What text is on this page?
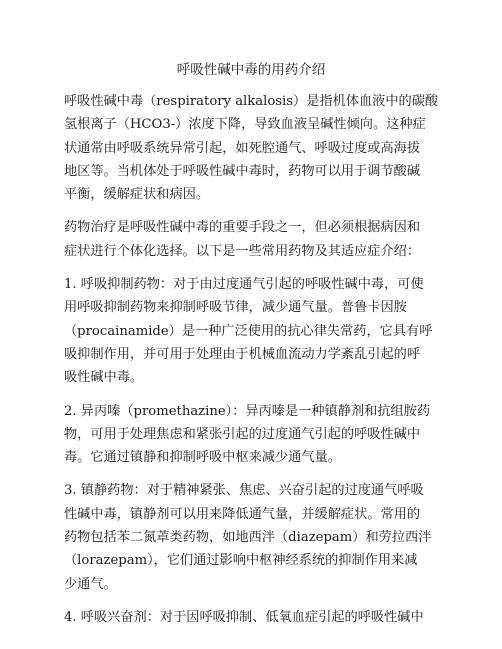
呼吸性碱中毒的用药介绍
呼吸性碱中毒（respiratory alkalosis）是指机体血液中的碳酸
氢根离子（HCO3-）浓度下降，导致血液呈碱性倾向。这种症
状通常由呼吸系统异常引起，如死腔通气、呼吸过度或高海拔
地区等。当机体处于呼吸性碱中毒时，药物可以用于调节酸碱
平衡，缓解症状和病因。
药物治疗是呼吸性碱中毒的重要手段之一，但必须根据病因和
症状进行个体化选择。以下是一些常用药物及其适应症介绍：
1. 呼吸抑制药物：对于由过度通气引起的呼吸性碱中毒，可使
用呼吸抑制药物来抑制呼吸节律，减少通气量。普鲁卡因胺
（procainamide）是一种广泛使用的抗心律失常药，它具有呼
吸抑制作用，并可用于处理由于机械血流动力学紊乱引起的呼
吸性碱中毒。
2. 异丙嗪（promethazine）：异丙嗪是一种镇静剂和抗组胺药
物，可用于处理焦虑和紧张引起的过度通气引起的呼吸性碱中
毒。它通过镇静和抑制呼吸中枢来减少通气量。
3. 镇静药物：对于精神紧张、焦虑、兴奋引起的过度通气呼吸
性碱中毒，镇静剂可以用来降低通气量，并缓解症状。常用的
药物包括苯二氮䓬类药物，如地西泮（diazepam）和劳拉西泮
（lorazepam），它们通过影响中枢神经系统的抑制作用来减
少通气。
4. 呼吸兴奋剂：对于因呼吸抑制、低氧血症引起的呼吸性碱中
